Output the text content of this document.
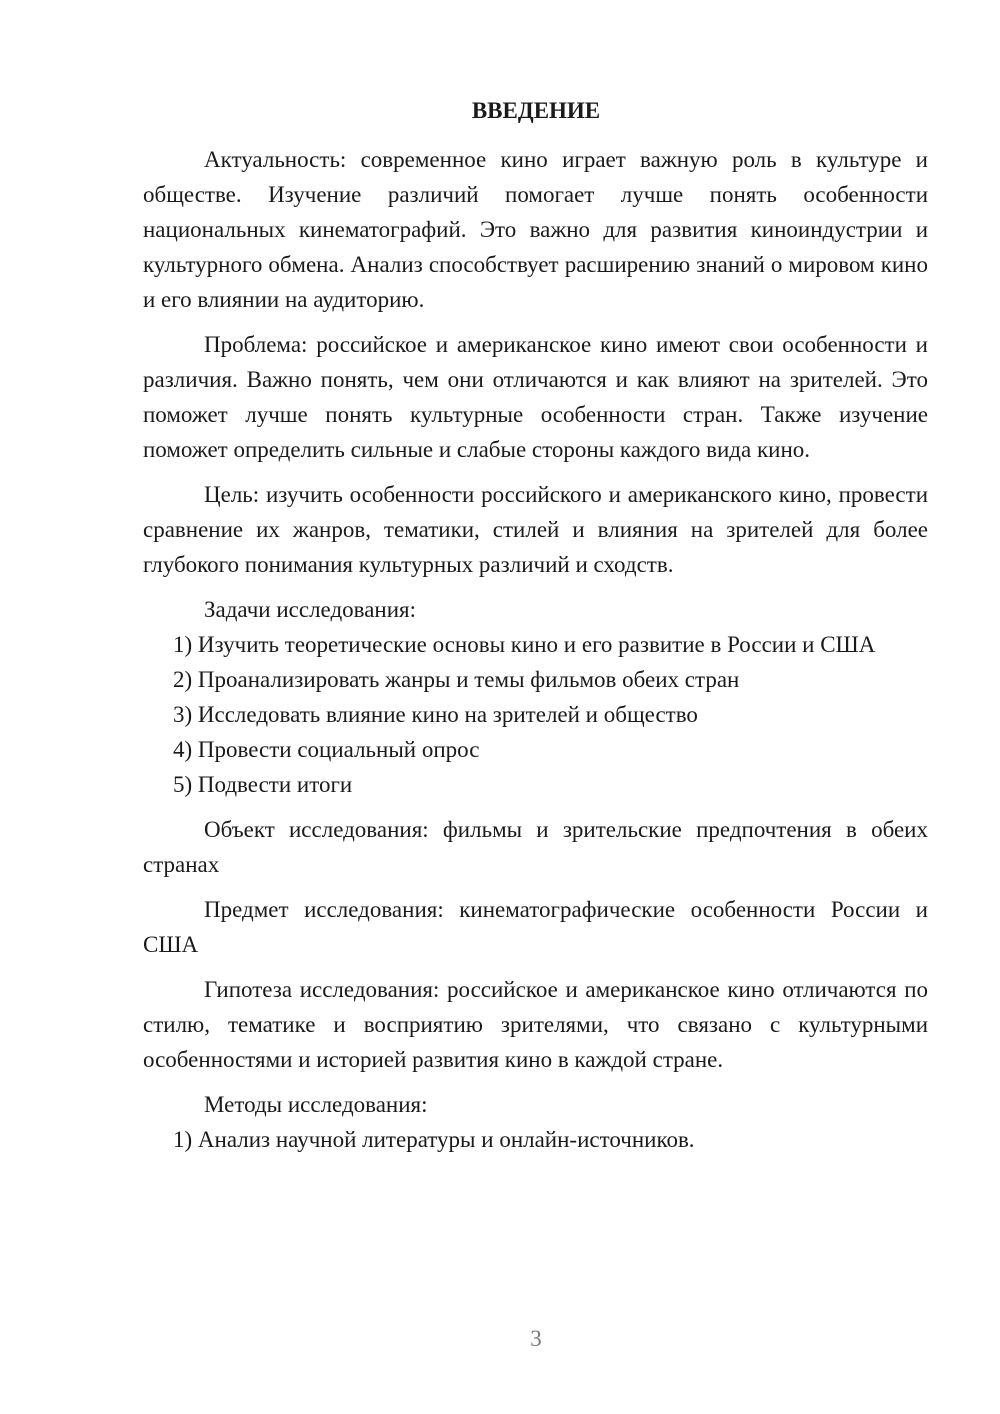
ВВЕДЕНИЕ

Актуальность: современное кино играет важную роль в культуре и обществе. Изучение различий помогает лучше понять особенности национальных кинематографий. Это важно для развития киноиндустрии и культурного обмена. Анализ способствует расширению знаний о мировом кино и его влиянии на аудиторию.

Проблема: российское и американское кино имеют свои особенности и различия. Важно понять, чем они отличаются и как влияют на зрителей. Это поможет лучше понять культурные особенности стран. Также изучение поможет определить сильные и слабые стороны каждого вида кино.

Цель: изучить особенности российского и американского кино, провести сравнение их жанров, тематики, стилей и влияния на зрителей для более глубокого понимания культурных различий и сходств.

Задачи исследования:

1) Изучить теоретические основы кино и его развитие в России и США

2) Проанализировать жанры и темы фильмов обеих стран

3) Исследовать влияние кино на зрителей и общество

4) Провести социальный опрос

5) Подвести итоги

Объект исследования: фильмы и зрительские предпочтения в обеих странах

Предмет исследования: кинематографические особенности России и США

Гипотеза исследования: российское и американское кино отличаются по стилю, тематике и восприятию зрителями, что связано с культурными особенностями и историей развития кино в каждой стране.

Методы исследования:

1) Анализ научной литературы и онлайн-источников.

3
